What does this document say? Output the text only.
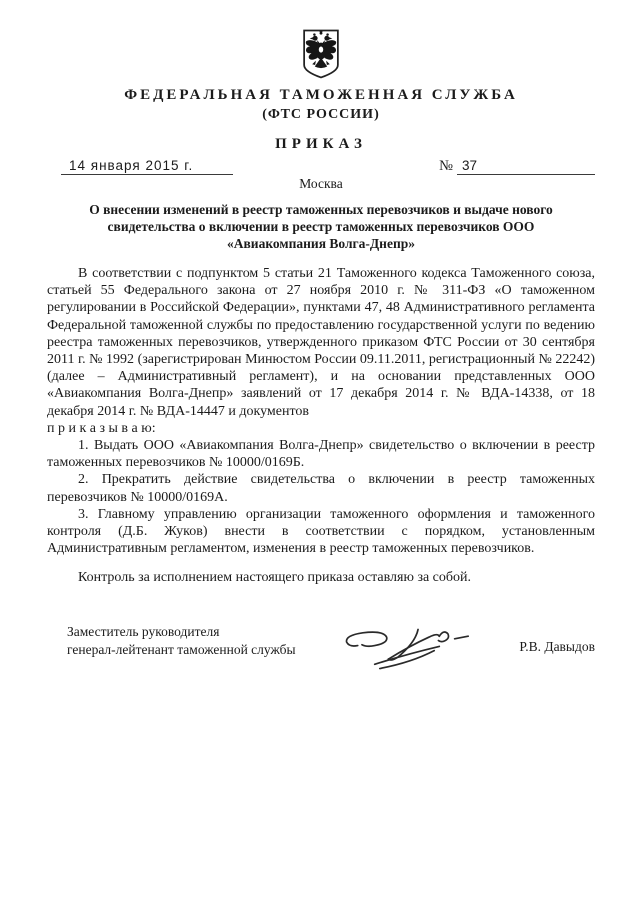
ФЕДЕРАЛЬНАЯ ТАМОЖЕННАЯ СЛУЖБА
(ФТС РОССИИ)
ПРИКАЗ
14 января 2015 г.	№ 37
Москва
О внесении изменений в реестр таможенных перевозчиков и выдаче нового свидетельства о включении в реестр таможенных перевозчиков ООО «Авиакомпания Волга-Днепр»

В соответствии с подпунктом 5 статьи 21 Таможенного кодекса Таможенного союза, статьей 55 Федерального закона от 27 ноября 2010 г. № 311-ФЗ «О таможенном регулировании в Российской Федерации», пунктами 47, 48 Административного регламента Федеральной таможенной службы по предоставлению государственной услуги по ведению реестра таможенных перевозчиков, утвержденного приказом ФТС России от 30 сентября 2011 г. № 1992 (зарегистрирован Минюстом России 09.11.2011, регистрационный № 22242) (далее – Административный регламент), и на основании представленных ООО «Авиакомпания Волга-Днепр» заявлений от 17 декабря 2014 г. № ВДА-14338, от 18 декабря 2014 г. № ВДА-14447 и документов

п р и к а з ы в а ю:

1. Выдать ООО «Авиакомпания Волга-Днепр» свидетельство о включении в реестр таможенных перевозчиков № 10000/0169Б.

2. Прекратить действие свидетельства о включении в реестр таможенных перевозчиков № 10000/0169А.

3. Главному управлению организации таможенного оформления и таможенного контроля (Д.Б. Жуков) внести в соответствии с порядком, установленным Административным регламентом, изменения в реестр таможенных перевозчиков.

Контроль за исполнением настоящего приказа оставляю за собой.

Заместитель руководителя
генерал-лейтенант таможенной службы	Р.В. Давыдов
